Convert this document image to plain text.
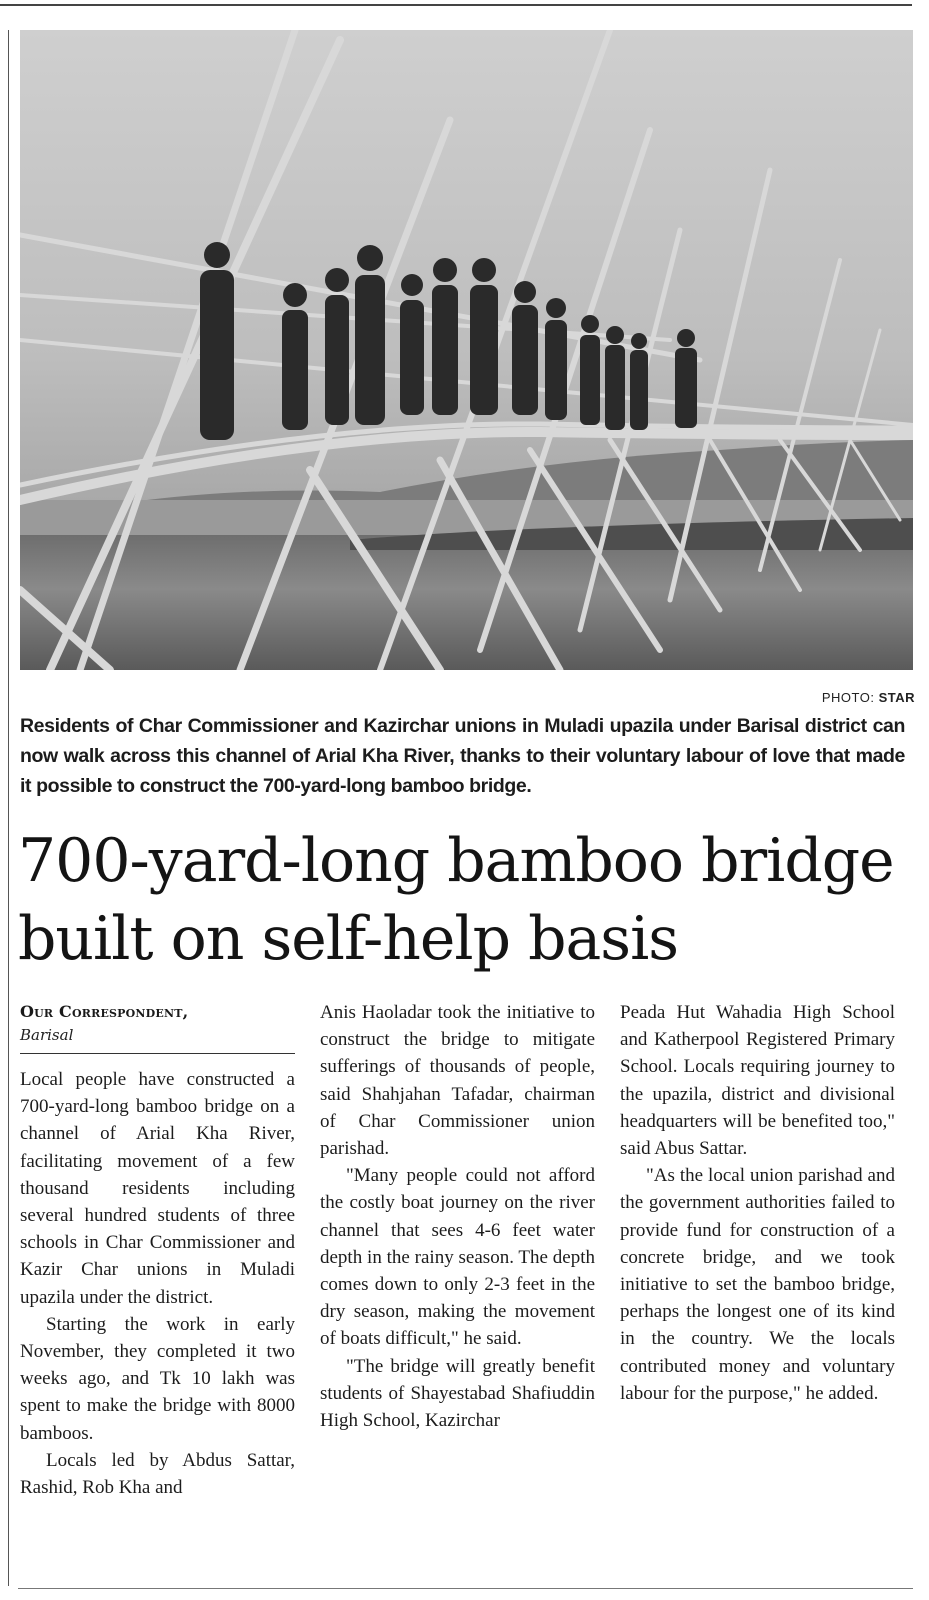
PHOTO: STAR
Residents of Char Commissioner and Kazirchar unions in Muladi upazila under Barisal district can now walk across this channel of Arial Kha River, thanks to their voluntary labour of love that made it possible to construct the 700-yard-long bamboo bridge.
700-yard-long bamboo bridge built on self-help basis
Our Correspondent,
Barisal

Local people have constructed a 700-yard-long bamboo bridge on a channel of Arial Kha River, facilitating movement of a few thousand residents including several hundred students of three schools in Char Commissioner and Kazir Char unions in Muladi upazila under the district.

Starting the work in early November, they completed it two weeks ago, and Tk 10 lakh was spent to make the bridge with 8000 bamboos.

Locals led by Abdus Sattar, Rashid, Rob Kha and

Anis Haoladar took the initiative to construct the bridge to mitigate sufferings of thousands of people, said Shahjahan Tafadar, chairman of Char Commissioner union parishad.

"Many people could not afford the costly boat journey on the river channel that sees 4-6 feet water depth in the rainy season. The depth comes down to only 2-3 feet in the dry season, making the movement of boats difficult," he said.

"The bridge will greatly benefit students of Shayestabad Shafiuddin High School, Kazirchar

Peada Hut Wahadia High School and Katherpool Registered Primary School. Locals requiring journey to the upazila, district and divisional headquarters will be benefited too," said Abus Sattar.

"As the local union parishad and the government authorities failed to provide fund for construction of a concrete bridge, and we took initiative to set the bamboo bridge, perhaps the longest one of its kind in the country. We the locals contributed money and voluntary labour for the purpose," he added.
